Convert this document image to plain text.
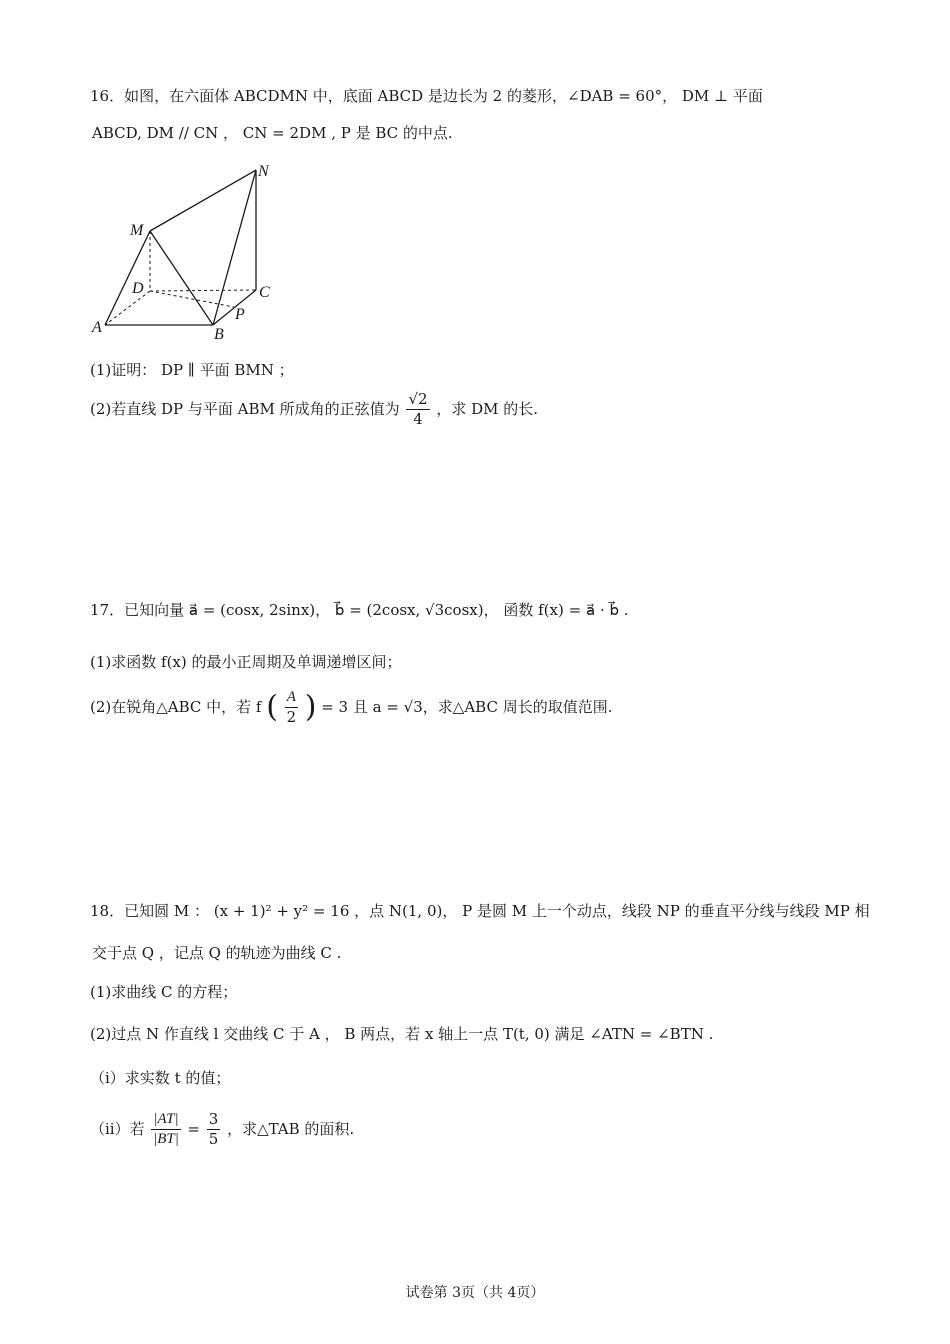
16．如图，在六面体 ABCDMN 中，底面 ABCD 是边长为 2 的菱形，∠DAB = 60°， DM ⊥ 平面
ABCD, DM // CN ， CN = 2DM , P 是 BC 的中点.
N
M
D	C
P
A	B
(1)证明： DP ∥ 平面 BMN ；
(2)若直线 DP 与平面 ABM 所成角的正弦值为 $\frac{√2}{4}$ ，求 DM 的长.
17．已知向量 a⃗ = (cosx, 2sinx)， b⃗ = (2cosx, √3cosx)， 函数 f(x) = a⃗ · b⃗ .
(1)求函数 f(x) 的最小正周期及单调递增区间；
(2)在锐角△ABC 中，若 f ( $\frac{A}{2}$ ) = 3 且 a = √3，求△ABC 周长的取值范围.
18．已知圆 M ： (x + 1)² + y² = 16 ，点 N(1, 0)， P 是圆 M 上一个动点，线段 NP 的垂直平分线与线段 MP 相
交于点 Q ，记点 Q 的轨迹为曲线 C .
(1)求曲线 C 的方程；
(2)过点 N 作直线 l 交曲线 C 于 A ， B 两点，若 x 轴上一点 T(t, 0) 满足 ∠ATN = ∠BTN .
（i）求实数 t 的值；
（ii）若 $\frac{|AT|}{|BT|} = \frac{3}{5}$ ，求△TAB 的面积.
试卷第 3页（共 4页）
